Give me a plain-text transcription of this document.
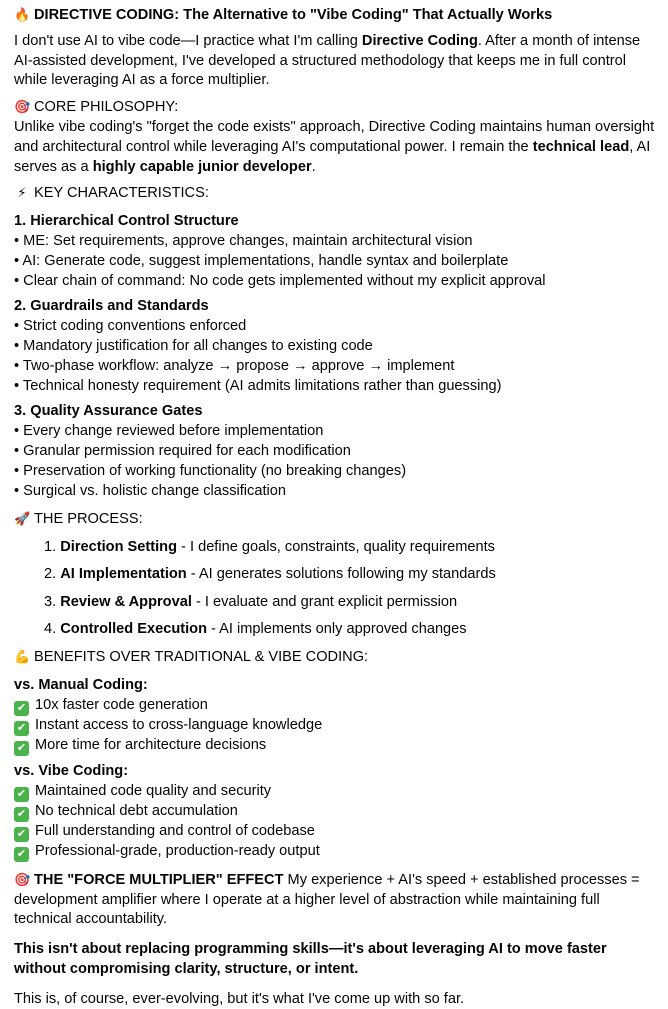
🔥 DIRECTIVE CODING: The Alternative to "Vibe Coding" That Actually Works

I don't use AI to vibe code—I practice what I'm calling Directive Coding. After a month of intense AI-assisted development, I've developed a structured methodology that keeps me in full control while leveraging AI as a force multiplier.

🎯 CORE PHILOSOPHY:
Unlike vibe coding's "forget the code exists" approach, Directive Coding maintains human oversight and architectural control while leveraging AI's computational power. I remain the technical lead, AI serves as a highly capable junior developer.

⚡ KEY CHARACTERISTICS:

1. Hierarchical Control Structure

• ME: Set requirements, approve changes, maintain architectural vision

• AI: Generate code, suggest implementations, handle syntax and boilerplate

• Clear chain of command: No code gets implemented without my explicit approval

2. Guardrails and Standards

• Strict coding conventions enforced

• Mandatory justification for all changes to existing code

• Two-phase workflow: analyze → propose → approve → implement

• Technical honesty requirement (AI admits limitations rather than guessing)

3. Quality Assurance Gates

• Every change reviewed before implementation

• Granular permission required for each modification

• Preservation of working functionality (no breaking changes)

• Surgical vs. holistic change classification

🚀 THE PROCESS:

1. Direction Setting - I define goals, constraints, quality requirements
2. AI Implementation - AI generates solutions following my standards
3. Review & Approval - I evaluate and grant explicit permission
4. Controlled Execution - AI implements only approved changes

💪 BENEFITS OVER TRADITIONAL & VIBE CODING:

vs. Manual Coding:

✔ 10x faster code generation

✔ Instant access to cross-language knowledge

✔ More time for architecture decisions

vs. Vibe Coding:

✔ Maintained code quality and security

✔ No technical debt accumulation

✔ Full understanding and control of codebase

✔ Professional-grade, production-ready output

🎯 THE "FORCE MULTIPLIER" EFFECT My experience + AI's speed + established processes = development amplifier where I operate at a higher level of abstraction while maintaining full technical accountability.

This isn't about replacing programming skills—it's about leveraging AI to move faster without compromising clarity, structure, or intent.

This is, of course, ever-evolving, but it's what I've come up with so far.
